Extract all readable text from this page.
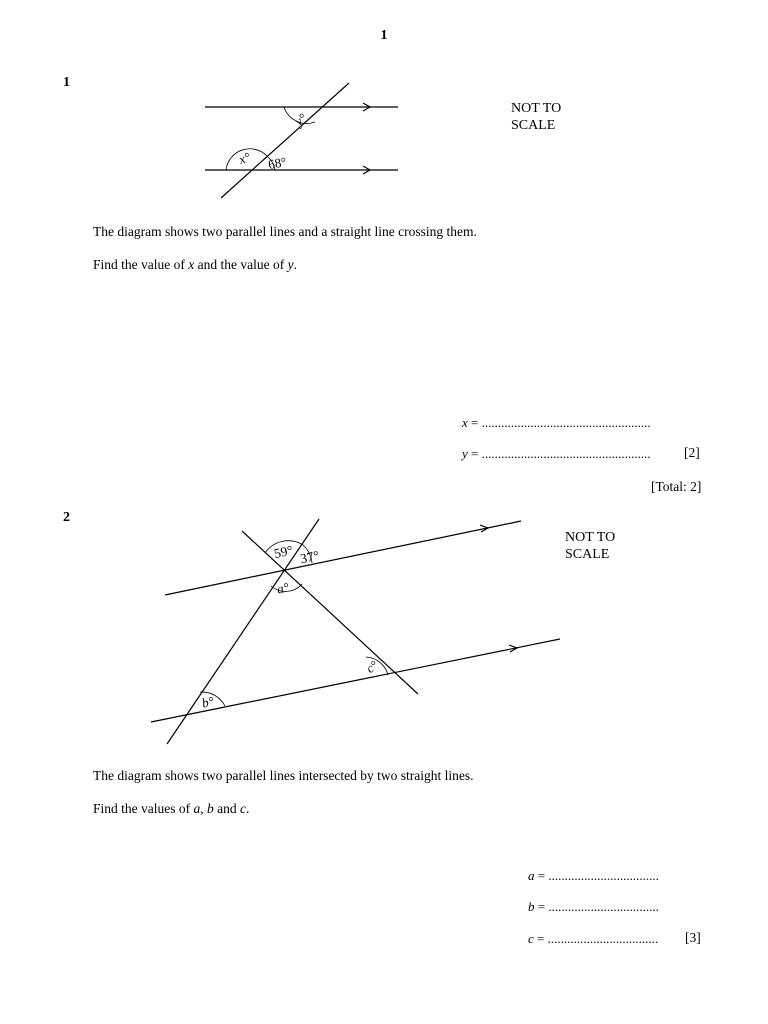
1
1
y°
x° 68°
NOT TO
SCALE
The diagram shows two parallel lines and a straight line crossing them.
Find the value of x and the value of y.
x = ....................................................
y = .................................................... [2]
[Total: 2]
2
59° 37°
a°
b°
c°
NOT TO
SCALE
The diagram shows two parallel lines intersected by two straight lines.
Find the values of a, b and c.
a = ..................................
b = ..................................
c = .................................. [3]
